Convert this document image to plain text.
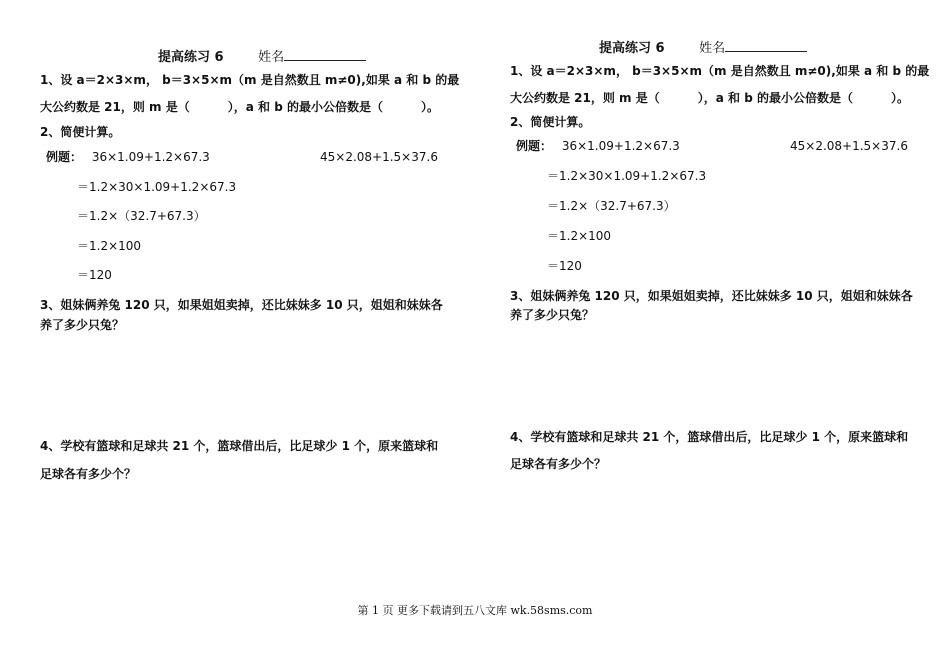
提高练习 6	姓名
1、设 a＝2×3×m， b＝3×5×m（m 是自然数且 m≠0),如果 a 和 b 的最
大公约数是 21，则 m 是（	），a 和 b 的最小公倍数是（	）。
2、简便计算。
例题： 36×1.09+1.2×67.3	45×2.08+1.5×37.6
＝1.2×30×1.09+1.2×67.3
＝1.2×（32.7+67.3）
＝1.2×100
＝120
3、姐妹俩养兔 120 只，如果姐姐卖掉，还比妹妹多 10 只，姐姐和妹妹各
养了多少只兔？
4、学校有篮球和足球共 21 个，篮球借出后，比足球少 1 个，原来篮球和
足球各有多少个？
提高练习 6	姓名
1、设 a＝2×3×m， b＝3×5×m（m 是自然数且 m≠0),如果 a 和 b 的最
大公约数是 21，则 m 是（	），a 和 b 的最小公倍数是（	）。
2、简便计算。
例题： 36×1.09+1.2×67.3	45×2.08+1.5×37.6
＝1.2×30×1.09+1.2×67.3
＝1.2×（32.7+67.3）
＝1.2×100
＝120
3、姐妹俩养兔 120 只，如果姐姐卖掉，还比妹妹多 10 只，姐姐和妹妹各
养了多少只兔？
4、学校有篮球和足球共 21 个，篮球借出后，比足球少 1 个，原来篮球和
足球各有多少个？
第 1 页 更多下载请到五八文库 wk.58sms.com
